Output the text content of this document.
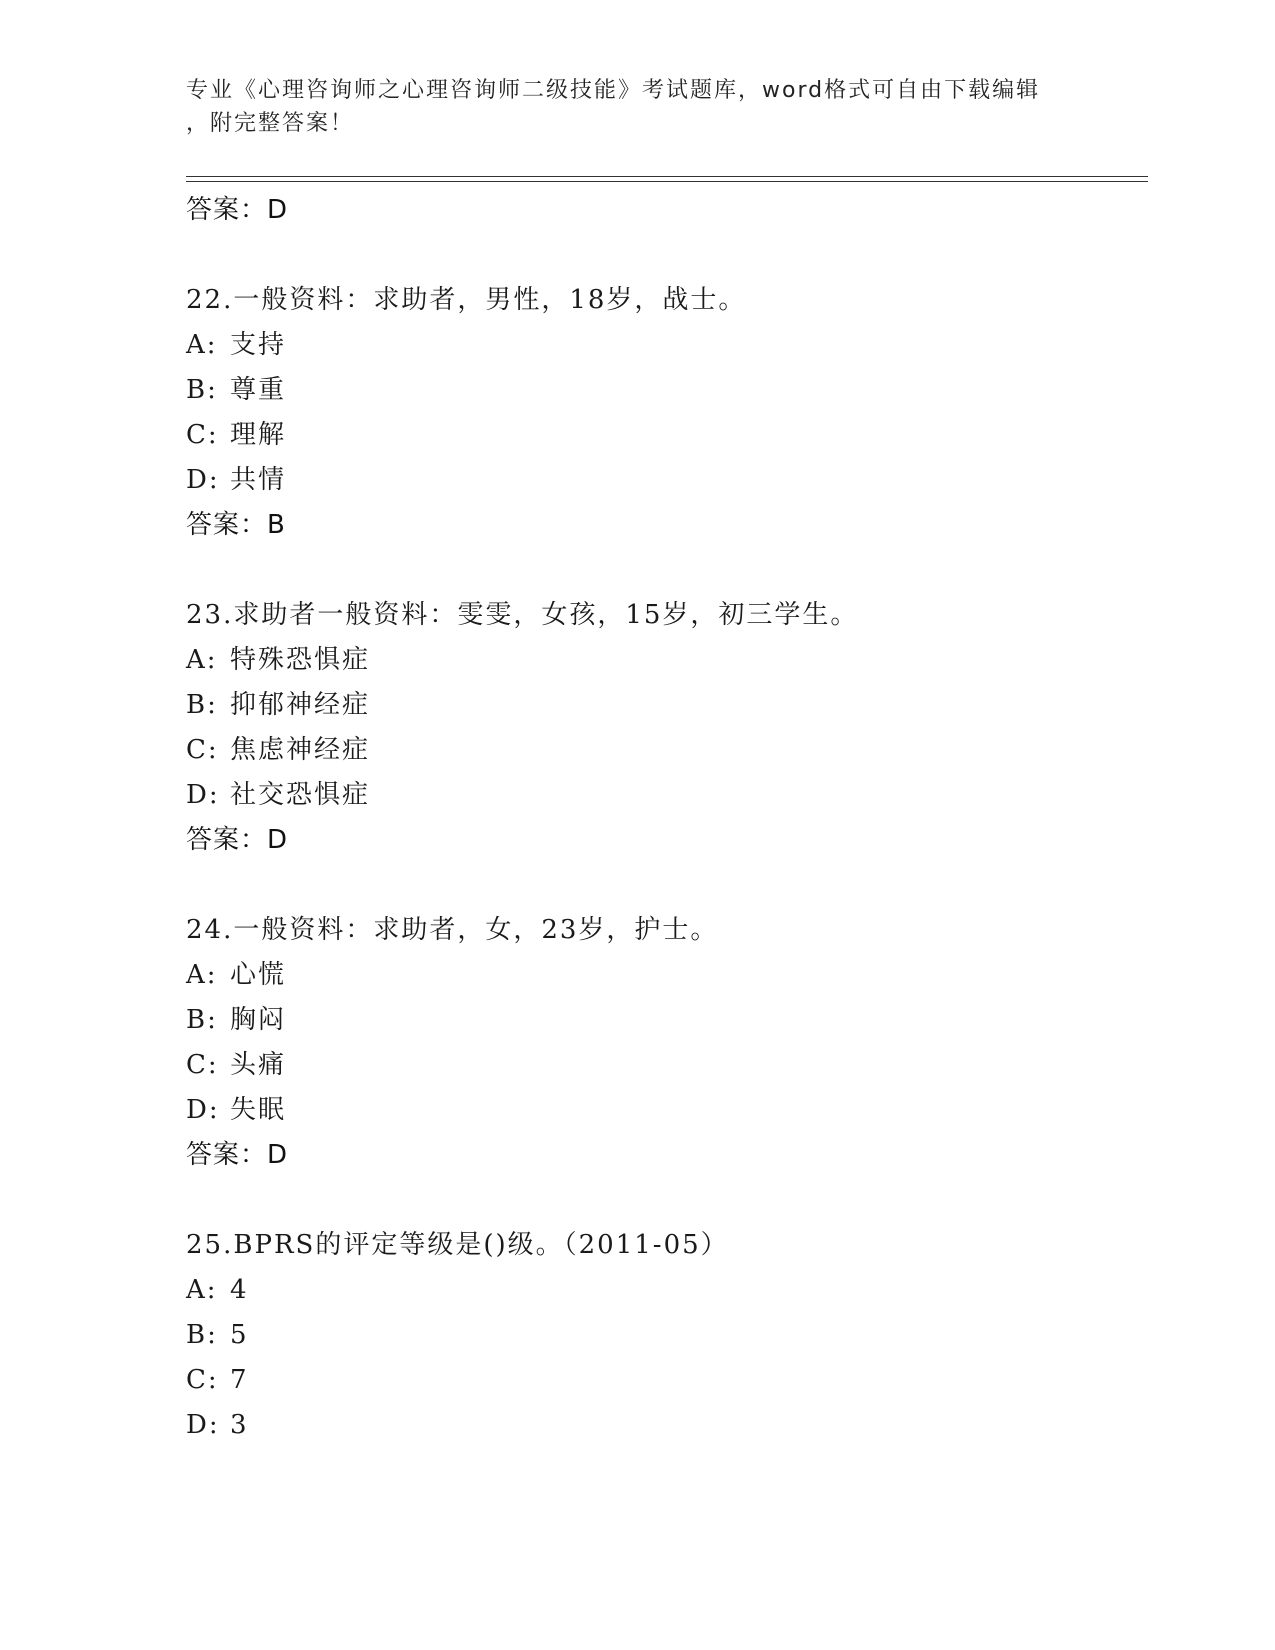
专业《心理咨询师之心理咨询师二级技能》考试题库，word格式可自由下载编辑
，附完整答案！
答案：D
22.一般资料：求助者，男性，18岁，战士。
A: 支持
B: 尊重
C: 理解
D: 共情
答案：B
23.求助者一般资料：雯雯，女孩，15岁，初三学生。
A: 特殊恐惧症
B: 抑郁神经症
C: 焦虑神经症
D: 社交恐惧症
答案：D
24.一般资料：求助者，女，23岁，护士。
A: 心慌
B: 胸闷
C: 头痛
D: 失眠
答案：D
25.BPRS的评定等级是()级。（2011-05）
A: 4
B: 5
C: 7
D: 3
